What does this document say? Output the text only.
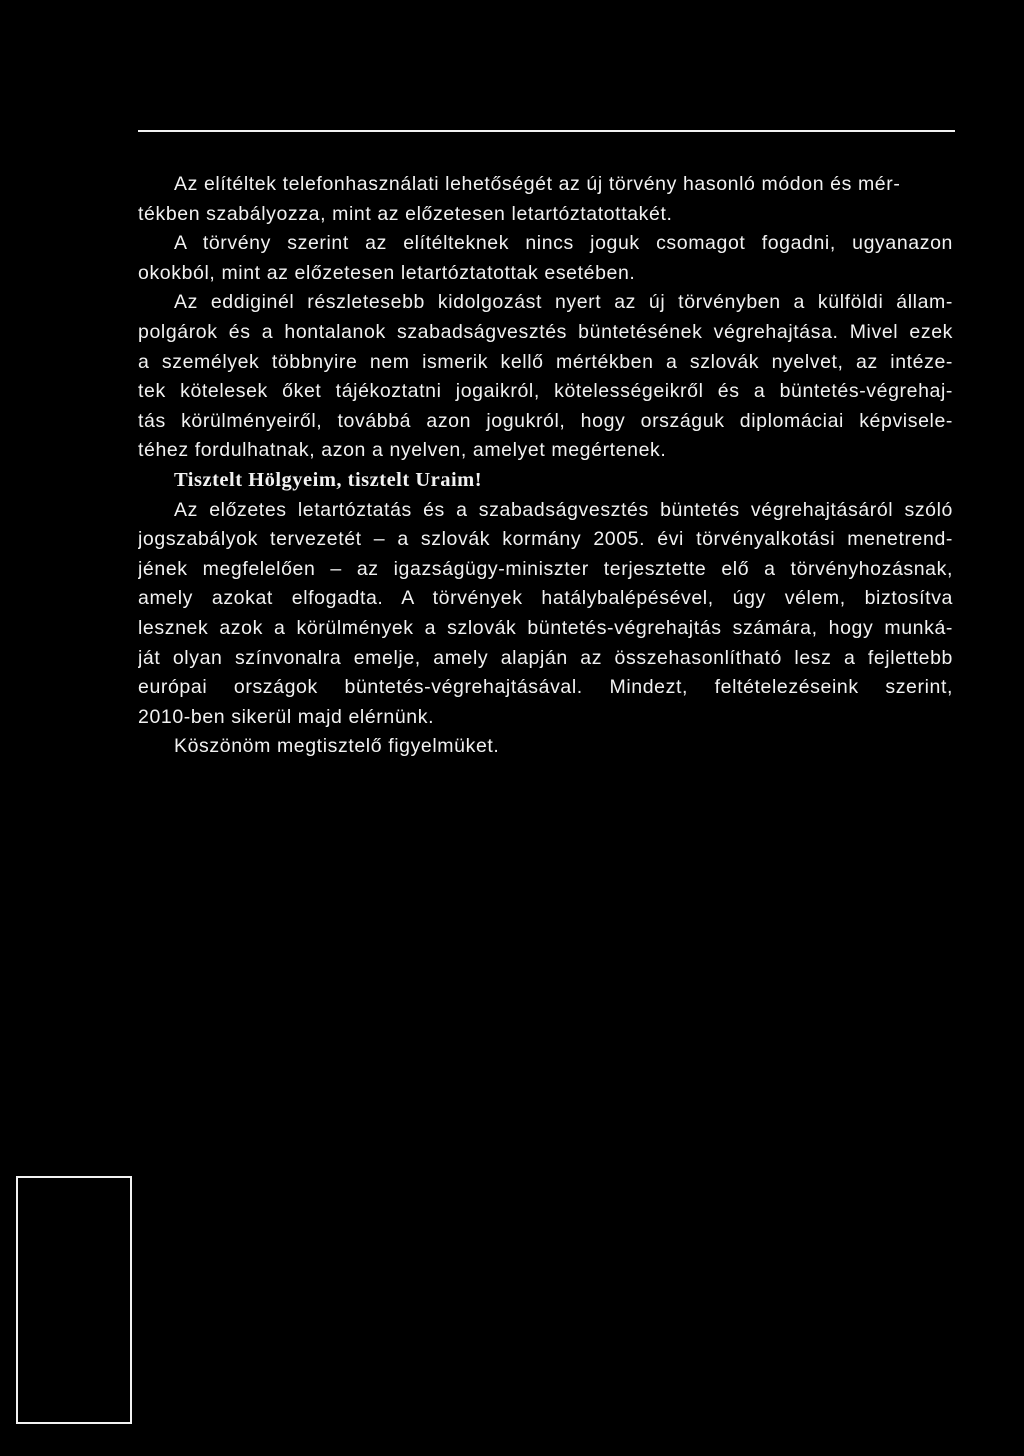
Az elítéltek telefonhasználati lehetőségét az új törvény hasonló módon és mér-
tékben szabályozza, mint az előzetesen letartóztatottakét.
A törvény szerint az elítélteknek nincs joguk csomagot fogadni, ugyanazon
okokból, mint az előzetesen letartóztatottak esetében.
Az eddiginél részletesebb kidolgozást nyert az új törvényben a külföldi állam-
polgárok és a hontalanok szabadságvesztés büntetésének végrehajtása. Mivel ezek
a személyek többnyire nem ismerik kellő mértékben a szlovák nyelvet, az intéze-
tek kötelesek őket tájékoztatni jogaikról, kötelességeikről és a büntetés-végrehaj-
tás körülményeiről, továbbá azon jogukról, hogy országuk diplomáciai képvisele-
téhez fordulhatnak, azon a nyelven, amelyet megértenek.
Tisztelt Hölgyeim, tisztelt Uraim!
Az előzetes letartóztatás és a szabadságvesztés büntetés végrehajtásáról szóló
jogszabályok tervezetét – a szlovák kormány 2005. évi törvényalkotási menetrend-
jének megfelelően – az igazságügy-miniszter terjesztette elő a törvényhozásnak,
amely azokat elfogadta. A törvények hatálybalépésével, úgy vélem, biztosítva
lesznek azok a körülmények a szlovák büntetés-végrehajtás számára, hogy munká-
ját olyan színvonalra emelje, amely alapján az összehasonlítható lesz a fejlettebb
európai országok büntetés-végrehajtásával. Mindezt, feltételezéseink szerint,
2010-ben sikerül majd elérnünk.
Köszönöm megtisztelő figyelmüket.
